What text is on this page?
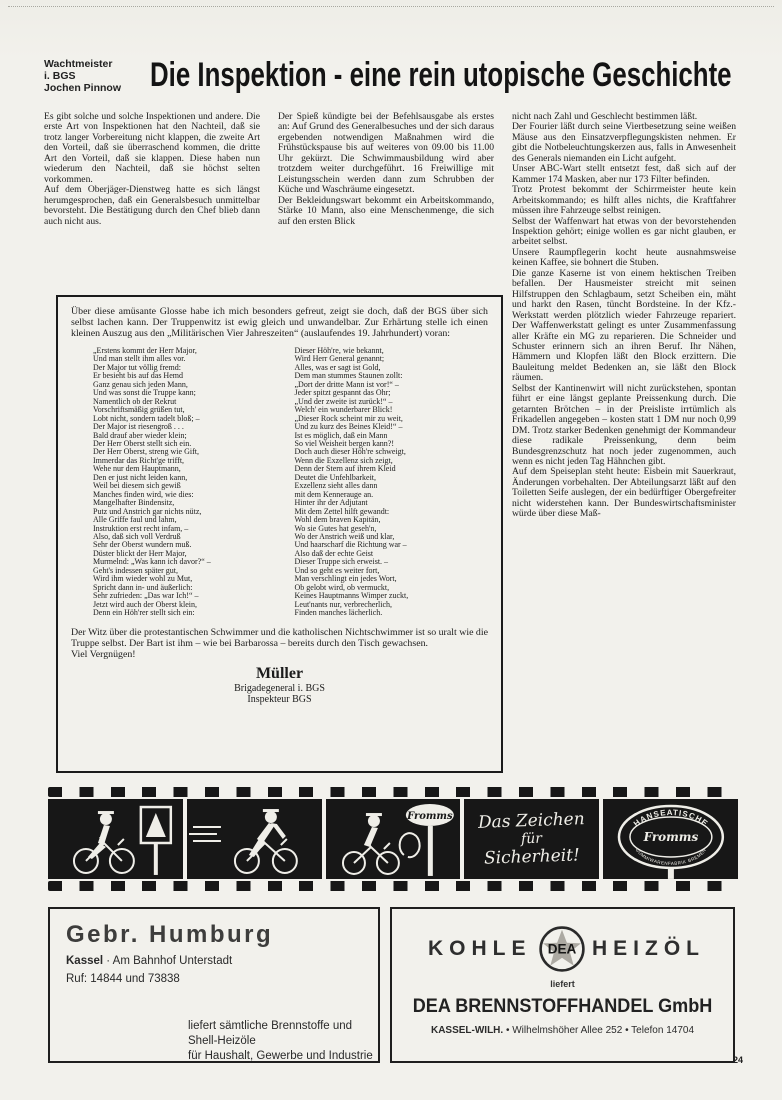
Wachtmeister
i. BGS
Jochen Pinnow Die Inspektion - eine rein utopische Geschichte

Es gibt solche und solche Inspektionen und andere. Die erste Art von Inspektionen hat den Nachteil, daß sie trotz langer Vorbereitung nicht klappen, die zweite Art den Vorteil, daß sie überraschend kommen, die dritte Art den Vorteil, daß sie klappen. Diese haben nun wiederum den Nachteil, daß sie höchst selten vorkommen.

Auf dem Oberjäger-Dienstweg hatte es sich längst herumgesprochen, daß ein Generalsbesuch unmittelbar bevorsteht. Die Bestätigung durch den Chef blieb dann auch nicht aus.

Der Spieß kündigte bei der Befehlsausgabe als erstes an: Auf Grund des Generalbesuches und der sich daraus ergebenden notwendigen Maßnahmen wird die Frühstückspause bis auf weiteres von 09.00 bis 11.00 Uhr gekürzt. Die Schwimmausbildung wird aber trotzdem weiter durchgeführt. 16 Freiwillige mit Leistungsschein werden dann zum Schrubben der Küche und Waschräume eingesetzt.

Der Bekleidungswart bekommt ein Arbeitskommando, Stärke 10 Mann, also eine Menschenmenge, die sich auf den ersten Blick

nicht nach Zahl und Geschlecht bestimmen läßt.

Der Fourier läßt durch seine Viertbesetzung seine weißen Mäuse aus den Einsatzverpflegungskisten nehmen. Er gibt die Notbeleuchtungskerzen aus, falls in Anwesenheit des Generals niemanden ein Licht aufgeht.

Unser ABC-Wart stellt entsetzt fest, daß sich auf der Kammer 174 Masken, aber nur 173 Filter befinden.

Trotz Protest bekommt der Schirrmeister heute kein Arbeitskommando; es hilft alles nichts, die Kraftfahrer müssen ihre Fahrzeuge selbst reinigen.

Selbst der Waffenwart hat etwas von der bevorstehenden Inspektion gehört; einige wollen es gar nicht glauben, er arbeitet selbst.

Unsere Raumpflegerin kocht heute ausnahmsweise keinen Kaffee, sie bohnert die Stuben.

Die ganze Kaserne ist von einem hektischen Treiben befallen. Der Hausmeister streicht mit seinen Hilfstruppen den Schlagbaum, setzt Scheiben ein, mäht und harkt den Rasen, tüncht Bordsteine. In der Kfz.-Werkstatt werden plötzlich wieder Fahrzeuge repariert. Der Waffenwerkstatt gelingt es unter Zusammenfassung aller Kräfte ein MG zu reparieren. Die Schneider und Schuster erinnern sich an ihren Beruf. Ihr Nähen, Hämmern und Klopfen läßt den Block erzittern. Die Bauleitung meldet Bedenken an, sie läßt den Block räumen.

Selbst der Kantinenwirt will nicht zurückstehen, spontan führt er eine längst geplante Preissenkung durch. Die getarnten Brötchen – in der Preisliste irrtümlich als Frikadellen angegeben – kosten statt 1 DM nur noch 0,99 DM. Trotz starker Bedenken genehmigt der Kommandeur diese radikale Preissenkung, denn beim Bundesgrenzschutz hat noch jeder zugenommen, auch wenn es nicht jeden Tag Hähnchen gibt.

Auf dem Speiseplan steht heute: Eisbein mit Sauerkraut, Änderungen vorbehalten. Der Abteilungsarzt läßt auf den Toiletten Seife auslegen, der ein bedürftiger Obergefreiter nicht widerstehen kann. Der Bundeswirtschaftsminister würde über diese Maß-

Über diese amüsante Glosse habe ich mich besonders gefreut, zeigt sie doch, daß der BGS über sich selbst lachen kann. Der Truppenwitz ist ewig gleich und unwandelbar. Zur Erhärtung stelle ich einen kleinen Auszug aus den „Militärischen Vier Jahreszeiten“ (auslaufendes 19. Jahrhundert) voran:

„Erstens kommt der Herr Major,
Und man stellt ihm alles vor.
Der Major tut völlig fremd:
Er besieht bis auf das Hemd
Ganz genau sich jeden Mann,
Und was sonst die Truppe kann;
Namentlich ob der Rekrut
Vorschriftsmäßig grüßen tut,
Lobt nicht, sondern tadelt bloß; –
Der Major ist riesengroß . . .
Bald drauf aber wieder klein;
Der Herr Oberst stellt sich ein.
Der Herr Oberst, streng wie Gift,
Immerdar das Richt'ge trifft,
Wehe nur dem Hauptmann,
Den er just nicht leiden kann,
Weil bei diesem sich gewiß
Manches finden wird, wie dies:
Mangelhafter Bindensitz,
Putz und Anstrich gar nichts nütz,
Alle Griffe faul und lahm,
Instruktion erst recht infam, –
Also, daß sich voll Verdruß
Sehr der Oberst wundern muß.
Düster blickt der Herr Major,
Murmelnd: „Was kann ich davor?“ –
Geht's indessen später gut,
Wird ihm wieder wohl zu Mut,
Spricht dann in- und äußerlich:
Sehr zufrieden: „Das war Ich!“ –
Jetzt wird auch der Oberst klein,
Denn ein Höh'rer stellt sich ein:
Dieser Höh're, wie bekannt,
Wird Herr General genannt;
Alles, was er sagt ist Gold,
Dem man stummes Staunen zollt:
„Dort der dritte Mann ist vor!“ –
Jeder spitzt gespannt das Ohr;
„Und der zweite ist zurück!“ –
Welch' ein wunderbarer Blick!
„Dieser Rock scheint mir zu weit,
Und zu kurz des Beines Kleid!“ –
Ist es möglich, daß ein Mann
So viel Weisheit bergen kann?!
Doch auch dieser Höh're schweigt,
Wenn die Exzellenz sich zeigt,
Denn der Stern auf ihrem Kleid
Deutet die Unfehlbarkeit,
Exzellenz sieht alles dann
mit dem Kennerauge an.
Hinter ihr der Adjutant
Mit dem Zettel hilft gewandt:
Wohl dem braven Kapitän,
Wo sie Gutes hat geseh'n,
Wo der Anstrich weiß und klar,
Und haarscharf die Richtung war –
Also daß der echte Geist
Dieser Truppe sich erweist. –
Und so geht es weiter fort,
Man verschlingt ein jedes Wort,
Ob gelobt wird, ob vermuckt,
Keines Hauptmanns Wimper zuckt,
Leut'nants nur, verbrecherlich,
Finden manches lächerlich.

Der Witz über die protestantischen Schwimmer und die katholischen Nichtschwimmer ist so uralt wie die Truppe selbst. Der Bart ist ihm – wie bei Barbarossa – bereits durch den Tisch gewachsen.

Viel Vergnügen!

Müller
Brigadegeneral i. BGS
Inspekteur BGS
Fromms Das Zeichen
für
Sicherheit!
HANSEATISCHE
Fromms
GUMMIWARENFABRIK BREMEN
Gebr. Humburg
Kassel · Am Bahnhof Unterstadt
Ruf: 14844 und 73838
liefert sämtliche Brennstoffe und Shell-Heizöle
für Haushalt, Gewerbe und Industrie
KOHLE DEA HEIZÖL
liefert
DEA BRENNSTOFFHANDEL GmbH
KASSEL-WILH. • Wilhelmshöher Allee 252 • Telefon 14704
24
